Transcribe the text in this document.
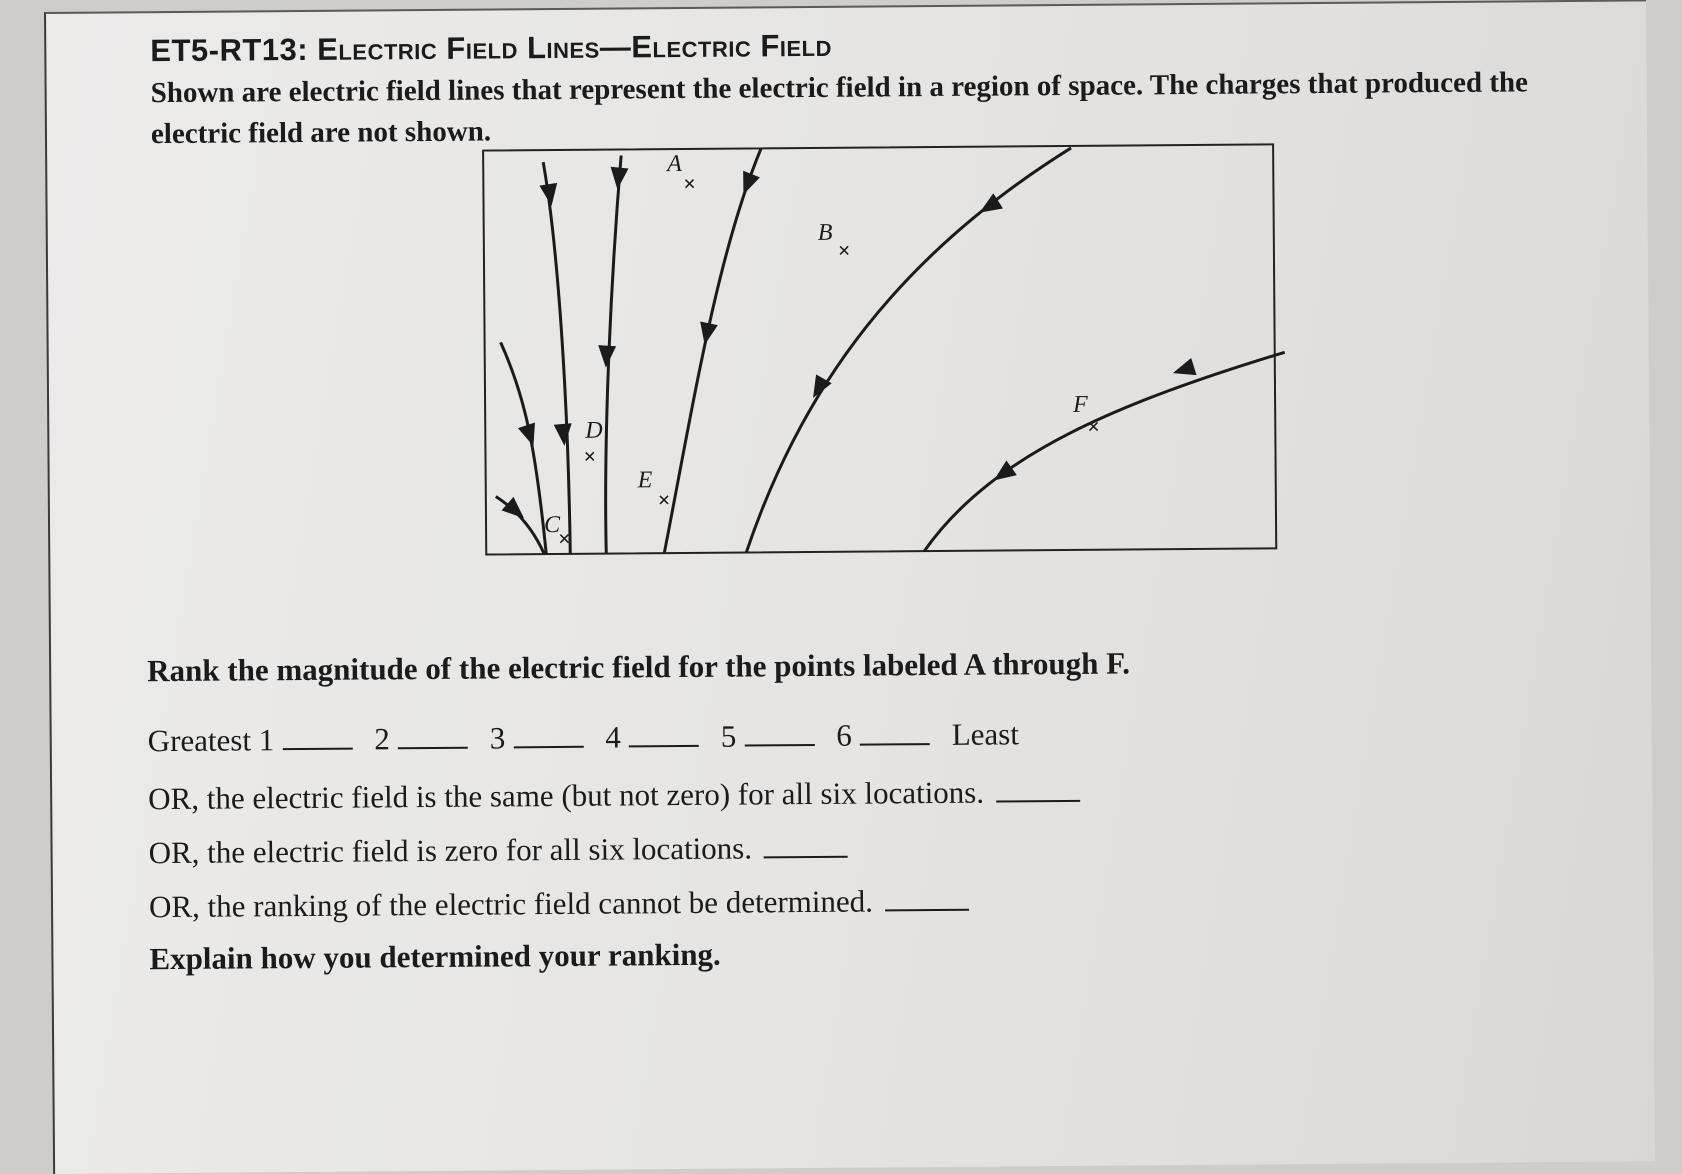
ET5-RT13: Electric Field Lines—Electric Field
Shown are electric field lines that represent the electric field in a region of space. The charges that produced the electric field are not shown.
A
×
B
×
C
×
D
×
E
×
F
×
Rank the magnitude of the electric field for the points labeled A through F.
Greatest 1	2	3	4	5	6	Least
OR, the electric field is the same (but not zero) for all six locations.
OR, the electric field is zero for all six locations.
OR, the ranking of the electric field cannot be determined.
Explain how you determined your ranking.
